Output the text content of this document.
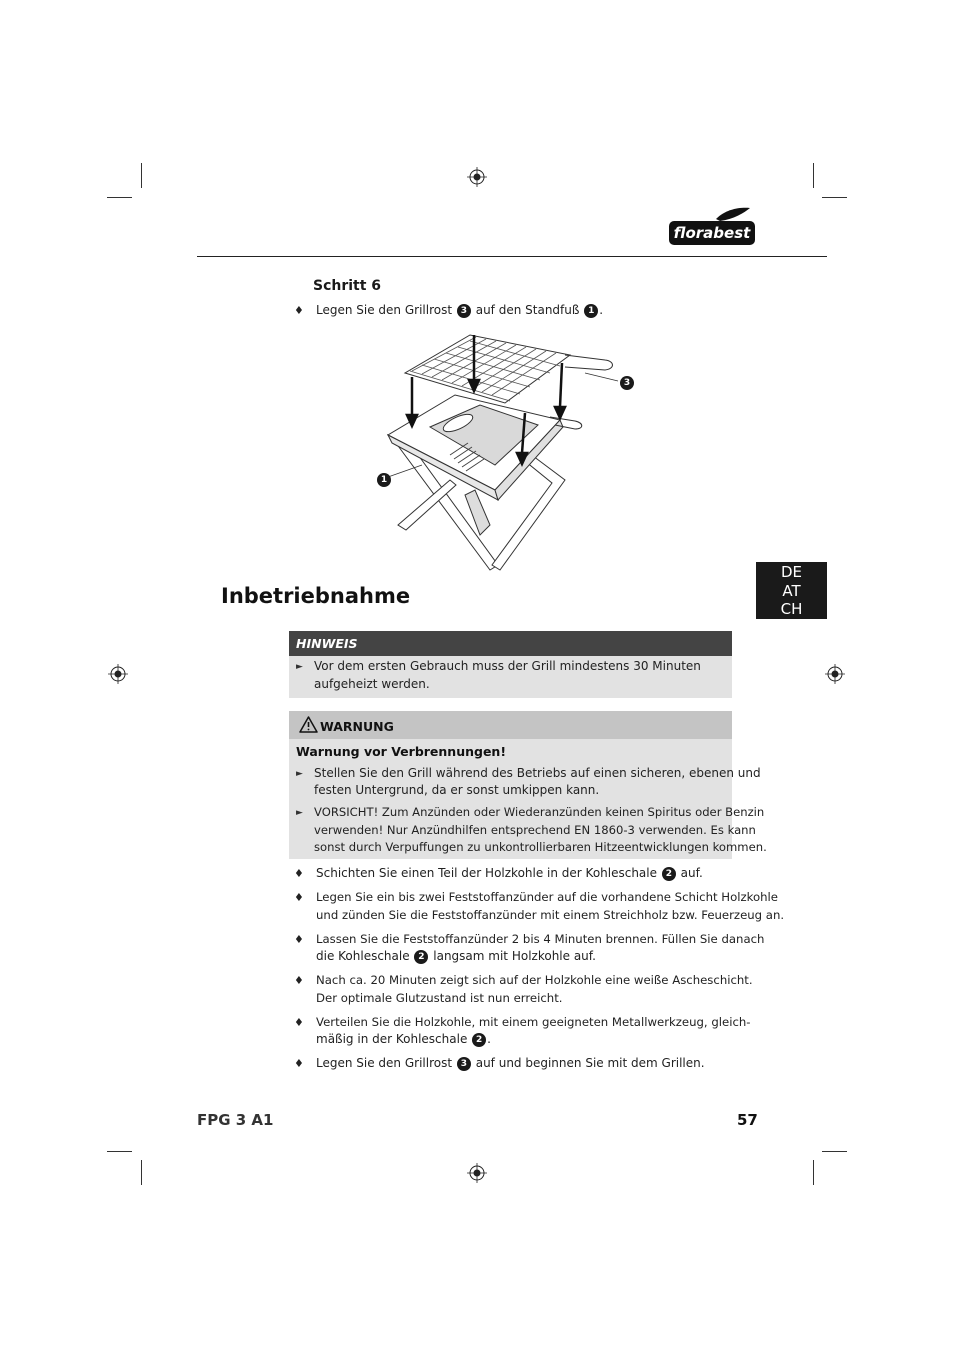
florabest
Schritt 6
♦ Legen Sie den Grillrost 3 auf den Standfuß 1 .
3
1
DE
AT
CH
Inbetriebnahme
HINWEIS
► Vor dem ersten Gebrauch muss der Grill mindestens 30 Minuten
aufgeheizt werden.
WARNUNG
Warnung vor Verbrennungen!
► Stellen Sie den Grill während des Betriebs auf einen sicheren, ebenen und
festen Untergrund, da er sonst umkippen kann.
► VORSICHT! Zum Anzünden oder Wiederanzünden keinen Spiritus oder Benzin
verwenden! Nur Anzündhilfen entsprechend EN 1860-3 verwenden. Es kann
sonst durch Verpuffungen zu unkontrollierbaren Hitzeentwicklungen kommen.
♦ Schichten Sie einen Teil der Holzkohle in der Kohleschale 2 auf.
♦ Legen Sie ein bis zwei Feststoffanzünder auf die vorhandene Schicht Holzkohle
und zünden Sie die Feststoffanzünder mit einem Streichholz bzw. Feuerzeug an.
♦ Lassen Sie die Feststoffanzünder 2 bis 4 Minuten brennen. Füllen Sie danach
die Kohleschale 2 langsam mit Holzkohle auf.
♦ Nach ca. 20 Minuten zeigt sich auf der Holzkohle eine weiße Ascheschicht.
Der optimale Glutzustand ist nun erreicht.
♦ Verteilen Sie die Holzkohle, mit einem geeigneten Metallwerkzeug, gleich-
mäßig in der Kohleschale 2 .
♦ Legen Sie den Grillrost 3 auf und beginnen Sie mit dem Grillen.
FPG 3 A1	57
